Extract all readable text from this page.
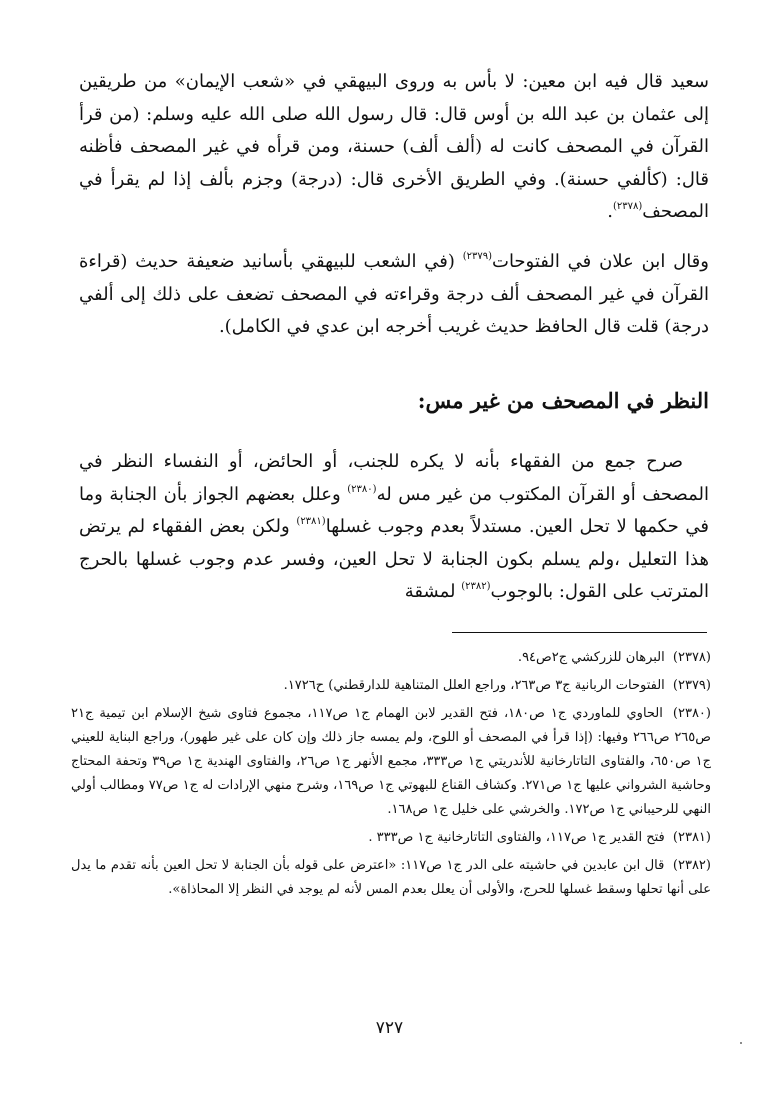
سعيد قال فيه ابن معين: لا بأس به وروى البيهقي في «شعب الإيمان» من طريقين إلى عثمان بن عبد الله بن أوس قال: قال رسول الله صلى الله عليه وسلم: (من قرأ القرآن في المصحف كانت له (ألف ألف) حسنة، ومن قرأه في غير المصحف فأظنه قال: (كألفي حسنة). وفي الطريق الأخرى قال: (درجة) وجزم بألف إذا لم يقرأ في المصحف$^{(٢٣٧٨)}$.

وقال ابن علان في الفتوحات$^{(٢٣٧٩)}$ (في الشعب للبيهقي بأسانيد ضعيفة حديث (قراءة القرآن في غير المصحف ألف درجة وقراءته في المصحف تضعف على ذلك إلى ألفي درجة) قلت قال الحافظ حديث غريب أخرجه ابن عدي في الكامل).

النظر في المصحف من غير مس:

صرح جمع من الفقهاء بأنه لا يكره للجنب، أو الحائض، أو النفساء النظر في المصحف أو القرآن المكتوب من غير مس له$^{(٢٣٨٠)}$ وعلل بعضهم الجواز بأن الجنابة وما في حكمها لا تحل العين. مستدلاً بعدم وجوب غسلها$^{(٢٣٨١)}$ ولكن بعض الفقهاء لم يرتض هذا التعليل ،ولم يسلم بكون الجنابة لا تحل العين، وفسر عدم وجوب غسلها بالحرج المترتب على القول: بالوجوب$^{(٢٣٨٢)}$ لمشقة

(٢٣٧٨) البرهان للزركشي ج٢ص٩٤.

(٢٣٧٩) الفتوحات الربانية ج٣ ص٢٦٣، وراجع العلل المتناهية للدارقطني) ح١٧٢٦.

(٢٣٨٠) الحاوي للماوردي ج١ ص١٨٠، فتح القدير لابن الهمام ج١ ص١١٧، مجموع فتاوى شيخ الإسلام ابن تيمية ج٢١ ص٢٦٥ ص٢٦٦ وفيها: (إذا قرأ في المصحف أو اللوح، ولم يمسه جاز ذلك وإن كان على غير طهور)، وراجع البناية للعيني ج١ ص٦٥٠، والفتاوى التاتارخانية للأندريتي ج١ ص٣٣٣، مجمع الأنهر ج١ ص٢٦، والفتاوى الهندية ج١ ص٣٩ وتحفة المحتاج وحاشية الشرواني عليها ج١ ص٢٧١. وكشاف القناع للبهوتي ج١ ص١٦٩، وشرح منهي الإرادات له ج١ ص٧٧ ومطالب أولي النهي للرحيباني ج١ ص١٧٢. والخرشي على خليل ج١ ص١٦٨.

(٢٣٨١) فتح القدير ج١ ص١١٧، والفتاوى التاتارخانية ج١ ص٣٣٣ .

(٢٣٨٢) قال ابن عابدين في حاشيته على الدر ج١ ص١١٧: «اعترض على قوله بأن الجنابة لا تحل العين بأنه تقدم ما يدل على أنها تحلها وسقط غسلها للحرج، والأولى أن يعلل بعدم المس لأنه لم يوجد في النظر إلا المحاذاة».

٧٢٧
